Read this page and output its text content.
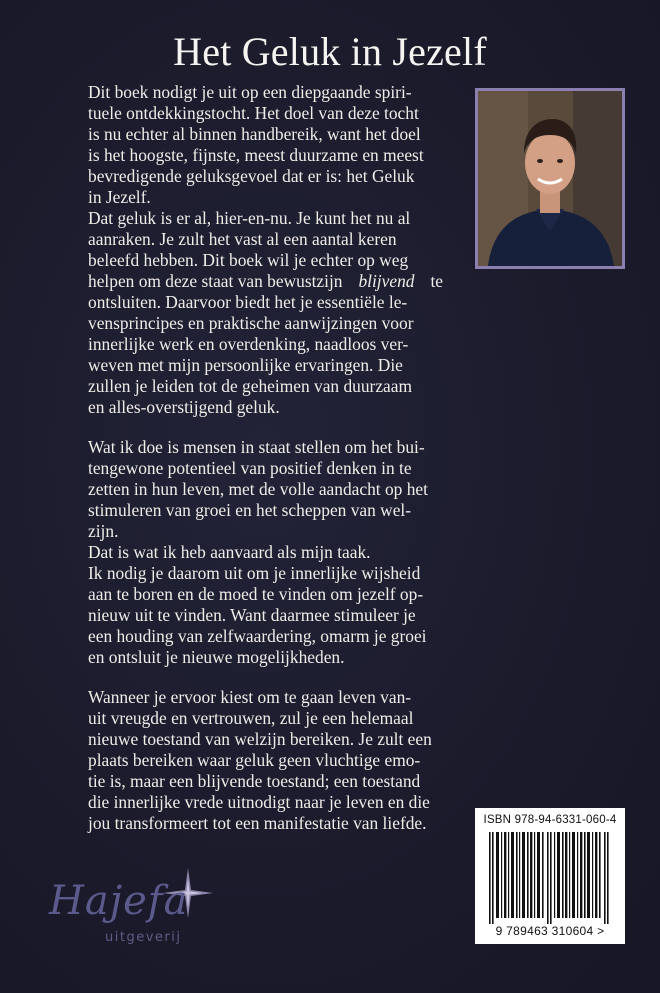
Het Geluk in Jezelf

Dit boek nodigt je uit op een diepgaande spiri-

tuele ontdekkingstocht. Het doel van deze tocht

is nu echter al binnen handbereik, want het doel

is het hoogste, fijnste, meest duurzame en meest

bevredigende geluksgevoel dat er is: het Geluk

in Jezelf.

Dat geluk is er al, hier-en-nu. Je kunt het nu al

aanraken. Je zult het vast al een aantal keren

beleefd hebben. Dit boek wil je echter op weg

helpen om deze staat van bewustzijn blijvend te

ontsluiten. Daarvoor biedt het je essentiële le-

vensprincipes en praktische aanwijzingen voor

innerlijke werk en overdenking, naadloos ver-

weven met mijn persoonlijke ervaringen. Die

zullen je leiden tot de geheimen van duurzaam

en alles-overstijgend geluk.

Wat ik doe is mensen in staat stellen om het bui-

tengewone potentieel van positief denken in te

zetten in hun leven, met de volle aandacht op het

stimuleren van groei en het scheppen van wel-

zijn.

Dat is wat ik heb aanvaard als mijn taak.

Ik nodig je daarom uit om je innerlijke wijsheid

aan te boren en de moed te vinden om jezelf op-

nieuw uit te vinden. Want daarmee stimuleer je

een houding van zelfwaardering, omarm je groei

en ontsluit je nieuwe mogelijkheden.

Wanneer je ervoor kiest om te gaan leven van-

uit vreugde en vertrouwen, zul je een helemaal

nieuwe toestand van welzijn bereiken. Je zult een

plaats bereiken waar geluk geen vluchtige emo-

tie is, maar een blijvende toestand; een toestand

die innerlijke vrede uitnodigt naar je leven en die

jou transformeert tot een manifestatie van liefde.	ISBN 978-94-6331-060-4
9 789463 310604 >
Hajefa
uitgeverij
